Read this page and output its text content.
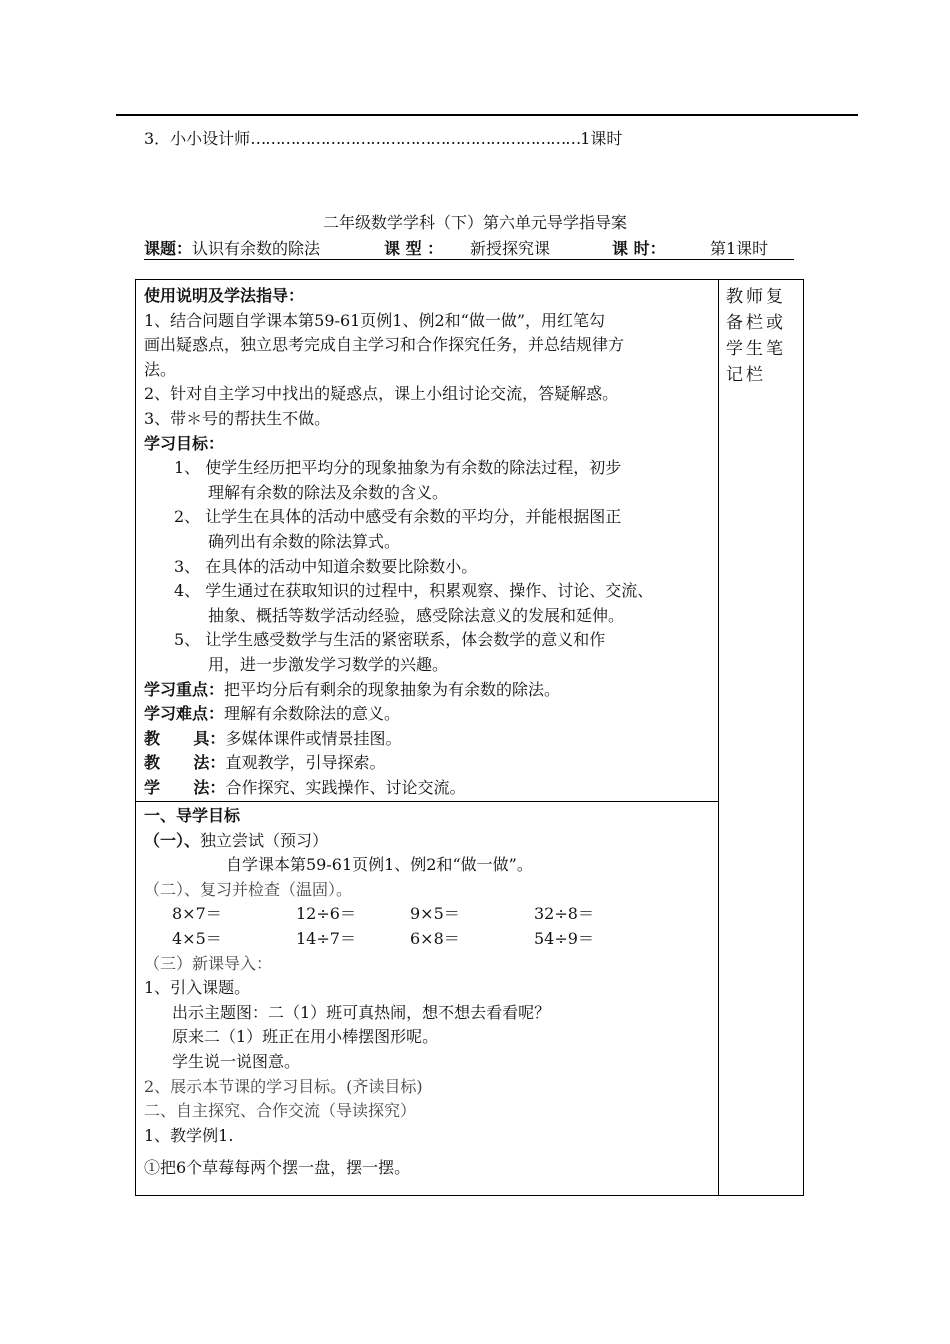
3．小小设计师…………………………………………………………1课时
二年级数学学科（下）第六单元导学指导案
课题：认识有余数的除法	课 型 ： 新授探究课	课 时：	第1课时
教师复备栏或学生笔记栏
使用说明及学法指导：
1、结合问题自学课本第59-61页例1、例2和“做一做”，用红笔勾
画出疑惑点，独立思考完成自主学习和合作探究任务，并总结规律方
法。
2、针对自主学习中找出的疑惑点，课上小组讨论交流，答疑解惑。
3、带＊号的帮扶生不做。
学习目标：
1、 使学生经历把平均分的现象抽象为有余数的除法过程，初步
理解有余数的除法及余数的含义。
2、 让学生在具体的活动中感受有余数的平均分，并能根据图正
确列出有余数的除法算式。
3、 在具体的活动中知道余数要比除数小。
4、 学生通过在获取知识的过程中，积累观察、操作、讨论、交流、
抽象、概括等数学活动经验，感受除法意义的发展和延伸。
5、 让学生感受数学与生活的紧密联系，体会数学的意义和作
用，进一步激发学习数学的兴趣。
学习重点：把平均分后有剩余的现象抽象为有余数的除法。
学习难点：理解有余数除法的意义。
教      具：多媒体课件或情景挂图。
教      法：直观教学，引导探索。
学      法：合作探究、实践操作、讨论交流。
一、导学目标
（一）、独立尝试（预习）
自学课本第59-61页例1、例2和“做一做”。
（二）、复习并检查（温固）。
8×7＝	12÷6＝	9×5＝	32÷8＝
4×5＝	14÷7＝	6×8＝	54÷9＝
（三）新课导入：
1、引入课题。
出示主题图：二（1）班可真热闹，想不想去看看呢？
原来二（1）班正在用小棒摆图形呢。
学生说一说图意。
2、展示本节课的学习目标。(齐读目标)
二、自主探究、合作交流（导读探究）
1、教学例1.
①把6个草莓每两个摆一盘，摆一摆。
